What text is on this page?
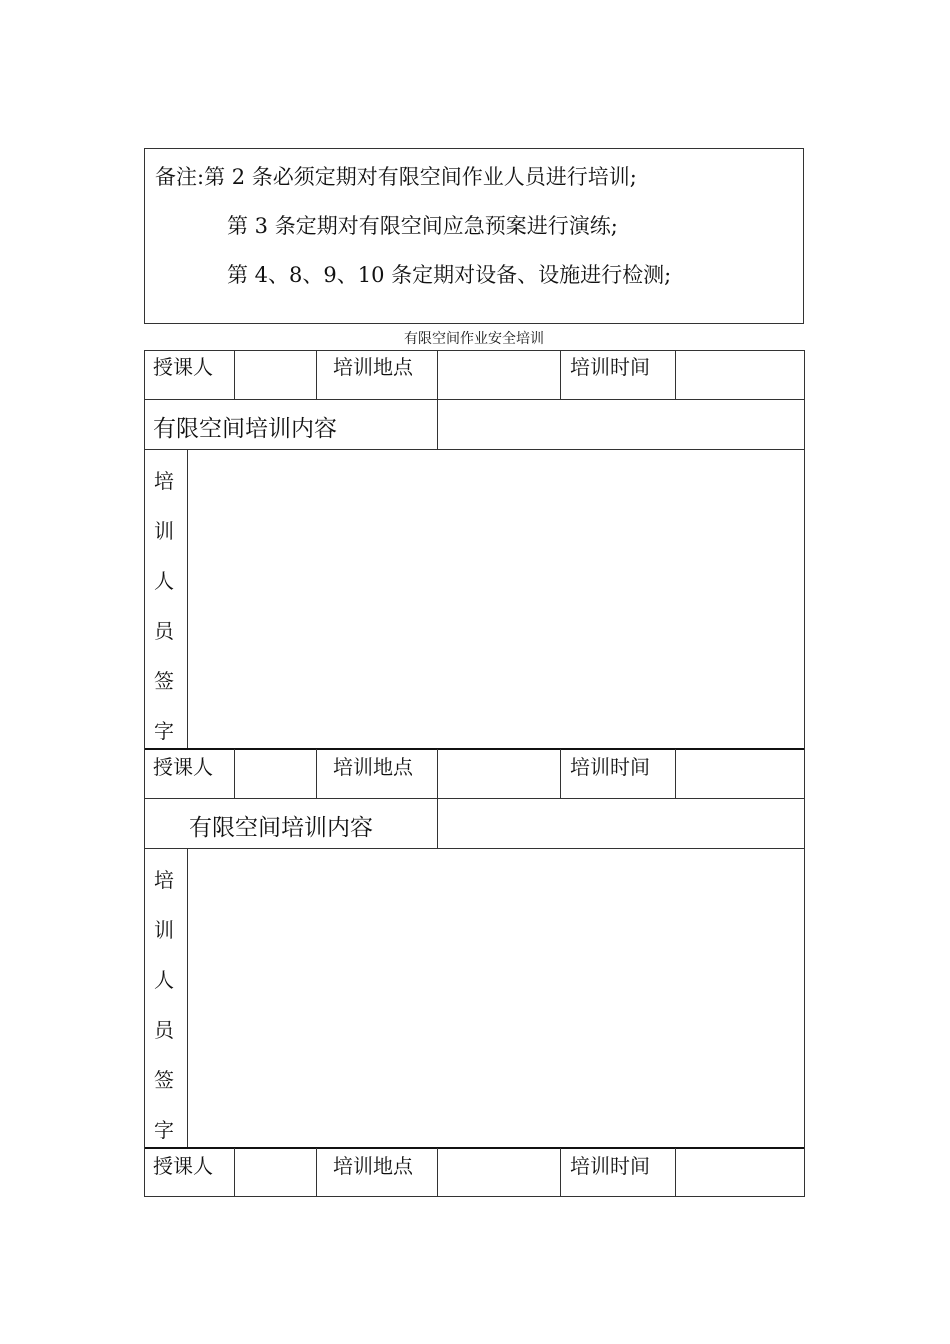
备注:第 2 条必须定期对有限空间作业人员进行培训;
第 3 条定期对有限空间应急预案进行演练;
第 4、8、9、10 条定期对设备、设施进行检测;
有限空间作业安全培训
授课人	培训地点	培训时间
有限空间培训内容
培
训
人
员
签
字
授课人	培训地点	培训时间
有限空间培训内容
培
训
人
员
签
字
授课人	培训地点	培训时间
